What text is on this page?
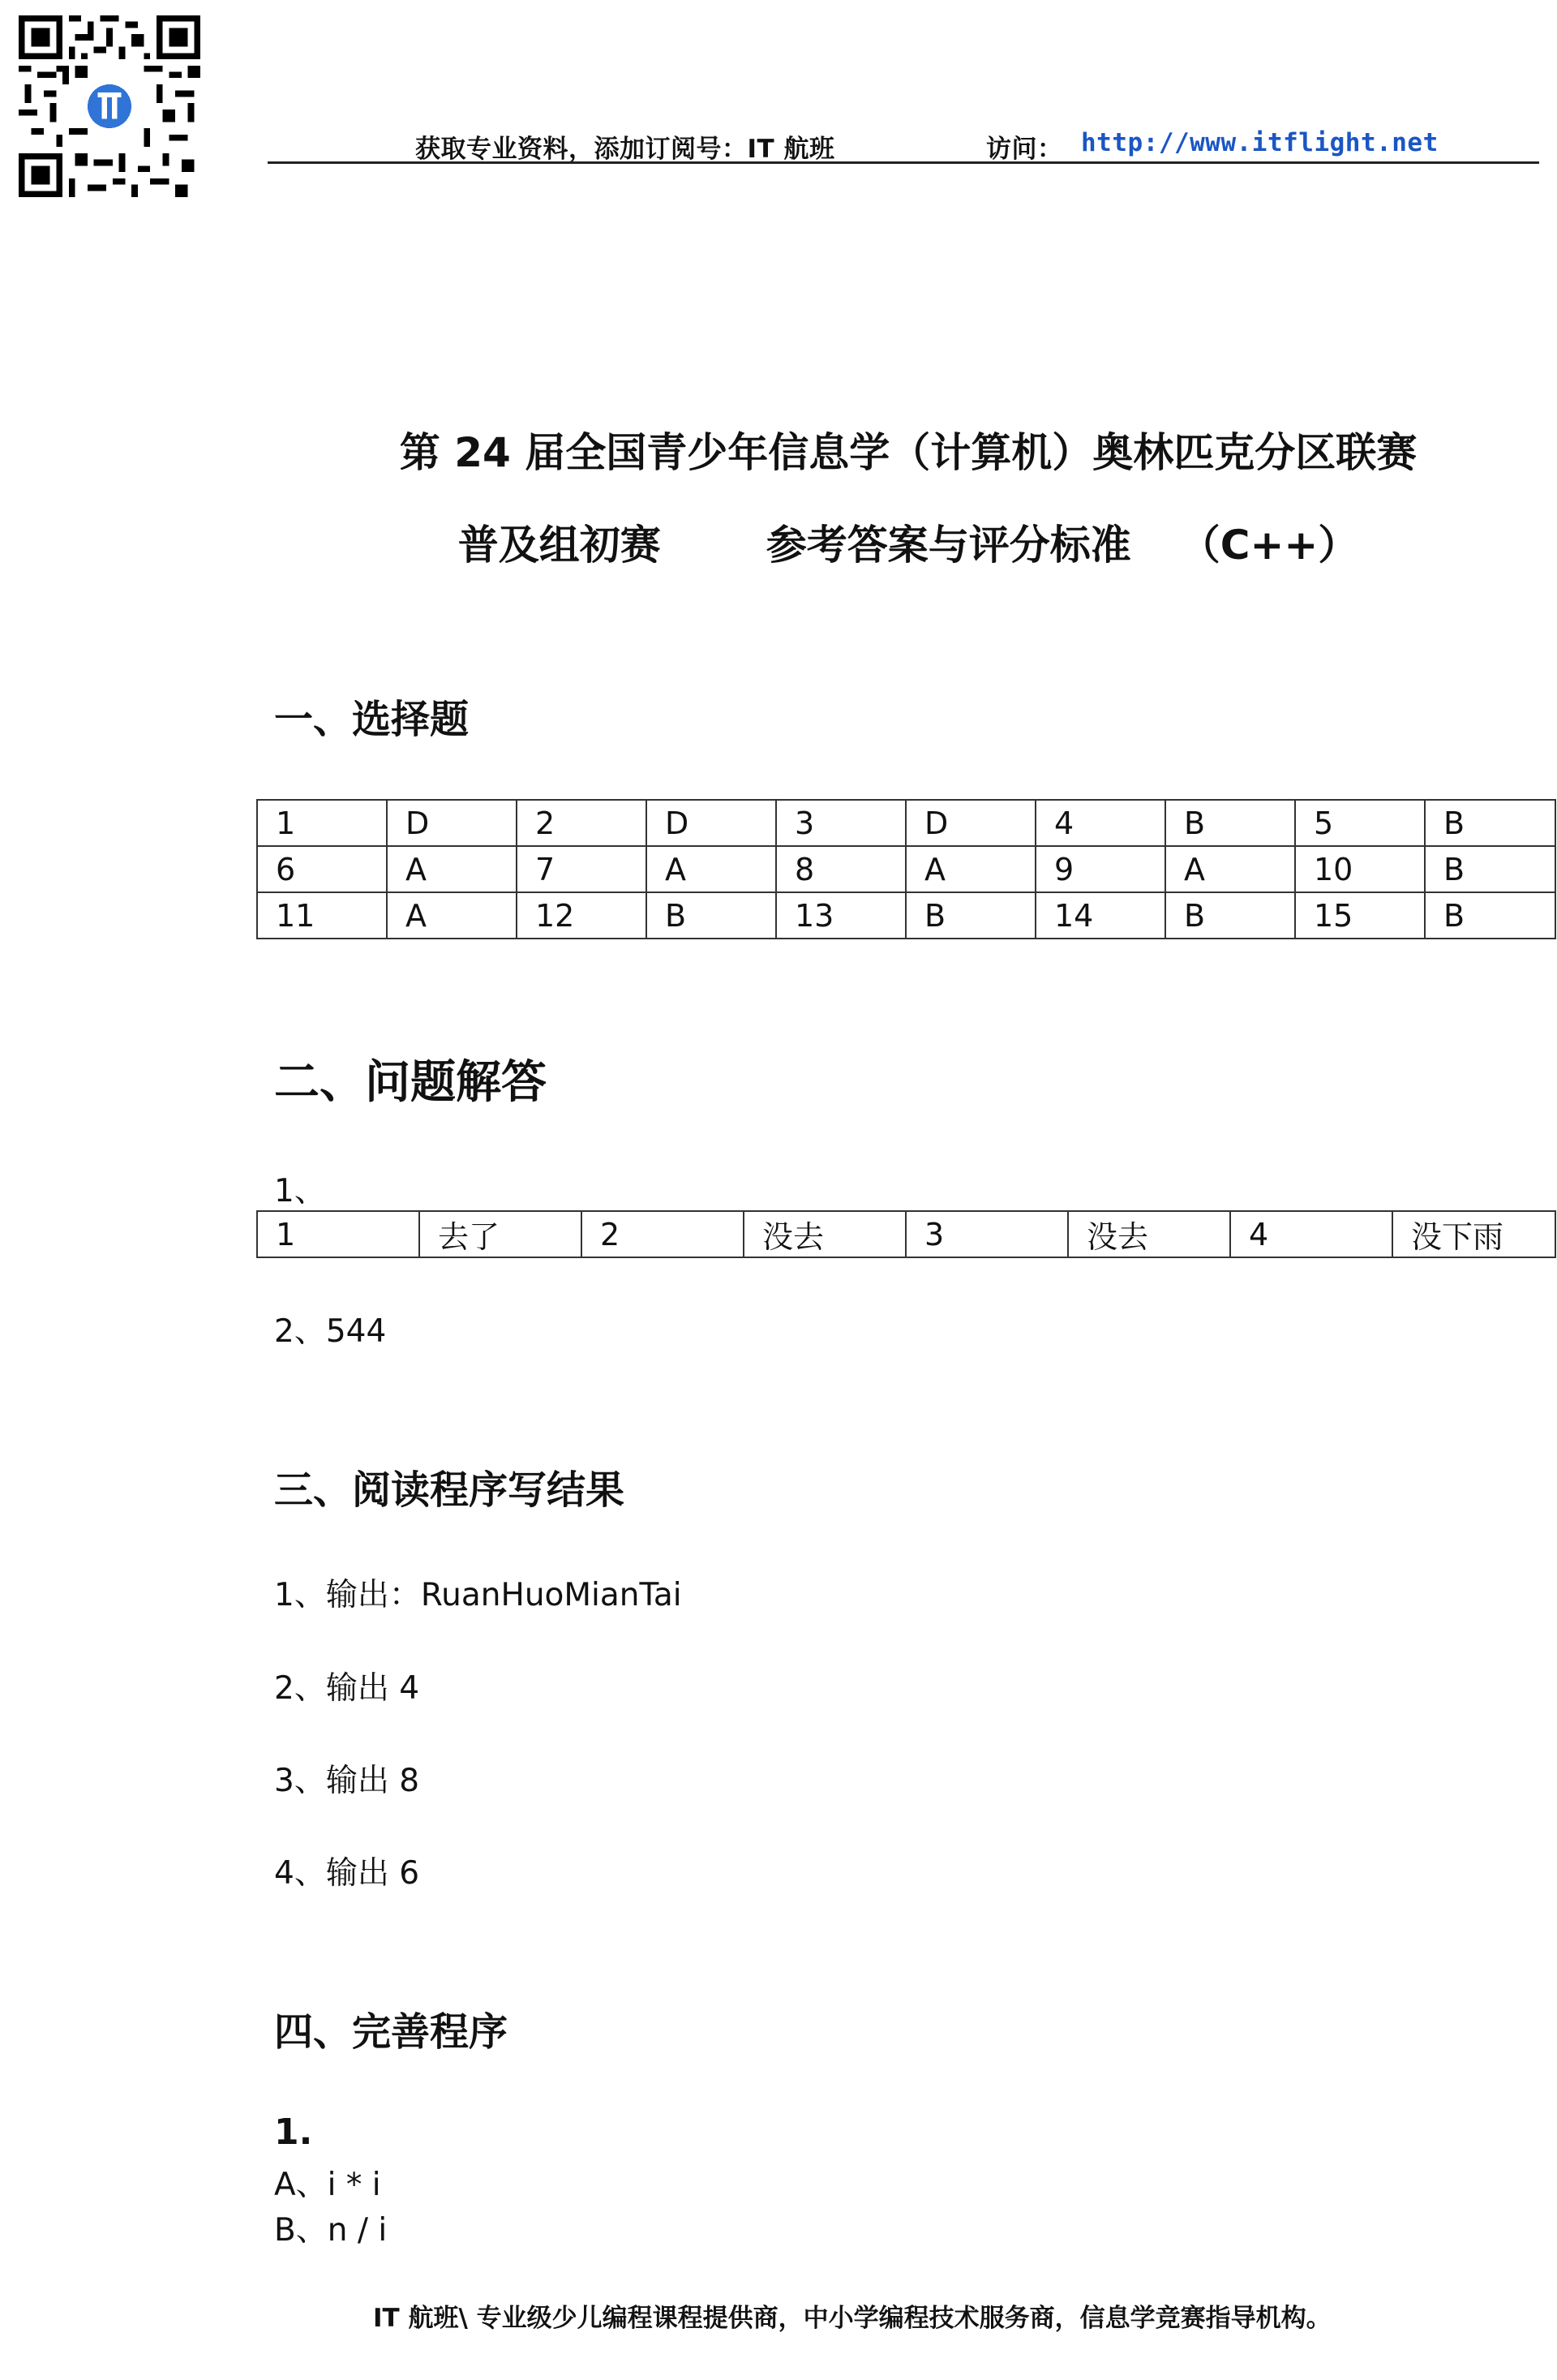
获取专业资料，添加订阅号：IT 航班	访问： http://www.itflight.net
第 24 届全国青少年信息学（计算机）奥林匹克分区联赛
普及组初赛	参考答案与评分标准 （C++）
一、选择题
1	D	2	D	3	D	4	B	5	B
6	A	7	A	8	A	9	A	10	B
11	A	12	B	13	B	14	B	15	B
二、问题解答
1、
1	去了	2	没去	3	没去	4	没下雨
2、544
三、阅读程序写结果
1、输出：RuanHuoMianTai
2、输出 4
3、输出 8
4、输出 6
四、完善程序
1.
A、i * i
B、n / i
IT 航班\ 专业级少儿编程课程提供商，中小学编程技术服务商，信息学竞赛指导机构。
